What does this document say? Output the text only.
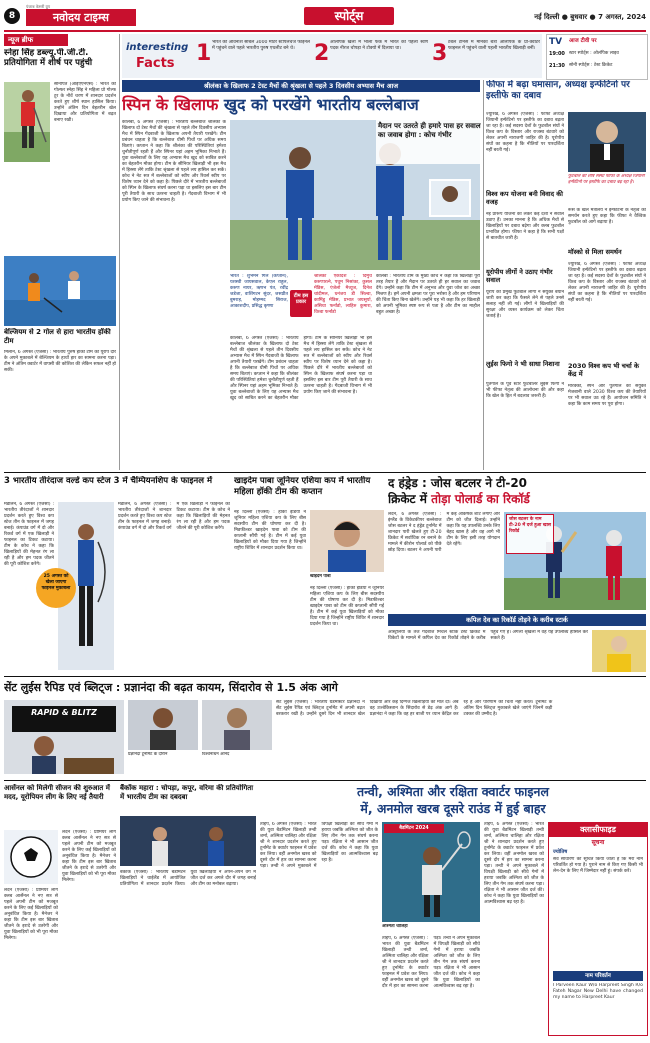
8
पंजाब केसरी ग्रुप
नवोदय टाइम्स	स्पोर्ट्स	नई दिल्ली ● बुधवार ● 7 अगस्त, 2024
न्यूज ब्रीफ
स्नेहा सिंह डब्ल्यू.पी.जी.टी. प्रतियोगिता में शीर्ष पर पहुंची
सोनीपत (आईएएनएस) : भारत की गोल्फर स्नेहा सिंह ने महिला प्रो गोल्फ टूर के नौवें चरण में शानदार प्रदर्शन करते हुए शीर्ष स्थान हासिल किया। उन्होंने अंतिम दिन बेहतरीन खेल दिखाया और प्रतियोगिता में बढ़त बनाए रखी।
बेल्जियम से 2 गोल से हारा भारतीय हॉकी टीम
मिलान, 6 अगस्त (एजेंसी) : भारतीय पुरुष हॉकी टीम को यूरोप दौरे के अपने मुकाबले में बेल्जियम के हाथों हार का सामना करना पड़ा। टीम ने अंतिम क्वार्टर में वापसी की कोशिश की लेकिन सफल नहीं हो सकी।
interesting
Facts 1 भारत की अविनाश साबले 3000 मीटर स्टीपलचेज फाइनल में पहुंचने वाले पहले भारतीय पुरुष एथलीट बने थे। 2 ओलंपिक खेलों में भाला फेंक में भारत को पहला स्वर्ण पदक नीरज चोपड़ा ने टोक्यो में दिलाया था।	3 टेबल टेनिस में मनिका बत्रा ओलंपिक के प्री-क्वार्टर फाइनल में पहुंचने वाली पहली भारतीय खिलाड़ी बनीं।
TV आज टीवी पर
19:00 स्टार स्पोर्ट्स : ओलंपिक लाइव
21:30 सोनी स्पोर्ट्स : टेस्ट क्रिकेट
श्रीलंका के खिलाफ 2 टेस्ट मैचों की श्रृंखला से पहले 3 दिवसीय अभ्यास मैच आज
स्पिन के खिलाफ खुद को परखेंगे भारतीय बल्लेबाज
कोलंबो, 6 अगस्त (एजेंसी) : भारतीय बल्लेबाज श्रीलंका के खिलाफ दो टेस्ट मैचों की श्रृंखला से पहले तीन दिवसीय अभ्यास मैच में स्पिन गेंदबाजी के खिलाफ अपनी तैयारी परखेंगे। टीम प्रबंधन चाहता है कि बल्लेबाज धीमी पिचों पर अधिक समय बिताएं। कप्तान ने कहा कि श्रीलंका की परिस्थितियां हमेशा चुनौतीपूर्ण रहती हैं और स्पिनर यहां अहम भूमिका निभाते हैं। युवा बल्लेबाजों के लिए यह अभ्यास मैच खुद को साबित करने का बेहतरीन मौका होगा। टीम के सीनियर खिलाड़ी भी इस मैच में हिस्सा लेंगे ताकि टेस्ट श्रृंखला से पहले लय हासिल कर सकें। कोच ने नेट सत्र में बल्लेबाजों को स्वीप और रिवर्स स्वीप पर विशेष ध्यान देने को कहा है। पिछले दौरे में भारतीय बल्लेबाजों को स्पिन के खिलाफ संघर्ष करना पड़ा था इसलिए इस बार टीम पूरी तैयारी के साथ उतरना चाहती है। गेंदबाजी विभाग में भी प्रयोग किए जाने की संभावना है।
मैदान पर उतरते ही हमारे पास हर सवाल का जवाब होगा : कोच गंभीर
कोलंबो : भारतीय टीम के मुख्य कोच ने कहा कि खिलाड़ी पूरी तरह तैयार हैं और मैदान पर उतरते ही हर सवाल का जवाब देंगे। उन्होंने कहा कि टीम में अनुभव और युवा जोश का अच्छा मिश्रण है। हमें अपनी क्षमता पर पूरा भरोसा है और हम परिणाम की चिंता किए बिना खेलेंगे। उन्होंने यह भी कहा कि हर खिलाड़ी को अपनी भूमिका स्पष्ट रूप से पता है और टीम का माहौल बहुत अच्छा है।
भारत : शुभमन गिल (कप्तान), यशस्वी जायसवाल, केएल राहुल, करुण नायर, ऋषभ पंत, रवींद्र जडेजा, वाशिंगटन सुंदर, जसप्रीत बुमराह, मोहम्मद सिराज, आकाशदीप, प्रसिद्ध कृष्णा
टीम इस प्रकार
श्रीलंका एकादश : दिमुथ करुणारत्ने, पथुम निसांका, कुसल मेंडिस, एंजेलो मैथ्यूज, दिनेश चांदीमल, धनंजय डी सिल्वा, कामिंडु मेंडिस, प्रभात जयसूर्या, असिथा फर्नांडो, लाहिरु कुमारा, विश्वा फर्नांडो
कोलंबो, 6 अगस्त (एजेंसी) : भारतीय बल्लेबाज श्रीलंका के खिलाफ दो टेस्ट मैचों की श्रृंखला से पहले तीन दिवसीय अभ्यास मैच में स्पिन गेंदबाजी के खिलाफ अपनी तैयारी परखेंगे। टीम प्रबंधन चाहता है कि बल्लेबाज धीमी पिचों पर अधिक समय बिताएं। कप्तान ने कहा कि श्रीलंका की परिस्थितियां हमेशा चुनौतीपूर्ण रहती हैं और स्पिनर यहां अहम भूमिका निभाते हैं। युवा बल्लेबाजों के लिए यह अभ्यास मैच खुद को साबित करने का बेहतरीन मौका होगा। टीम के सीनियर खिलाड़ी भी इस मैच में हिस्सा लेंगे ताकि टेस्ट श्रृंखला से पहले लय हासिल कर सकें। कोच ने नेट सत्र में बल्लेबाजों को स्वीप और रिवर्स स्वीप पर विशेष ध्यान देने को कहा है। पिछले दौरे में भारतीय बल्लेबाजों को स्पिन के खिलाफ संघर्ष करना पड़ा था इसलिए इस बार टीम पूरी तैयारी के साथ उतरना चाहती है। गेंदबाजी विभाग में भी प्रयोग किए जाने की संभावना है।
फीफा में बढ़ा घमासान, अध्यक्ष इन्फेंटिनो पर इस्तीफे का दबाव
ज्यूरिख, 6 अगस्त (एजेंसी) : फीफा अध्यक्ष जियानी इन्फेंटिनो पर इस्तीफे का दबाव बढ़ता जा रहा है। कई सदस्य देशों के फुटबॉल संघों ने विश्व कप के विस्तार और राजस्व बंटवारे को लेकर अपनी नाराजगी जाहिर की है। यूरोपीय संघों का कहना है कि नीतियों पर पारदर्शिता नहीं बरती गई।
फुटबॉल की शीर्ष संस्था फीफा के अध्यक्ष जियानी इन्फेंटिनो पर इस्तीफे का दबाव बढ़ रहा है।
विश्व कप योजना बनी विवाद की वजह
नई प्रारूप योजना को लेकर कई देशों ने सवाल उठाए हैं। उनका मानना है कि अधिक मैचों से खिलाड़ियों पर दबाव बढ़ेगा और क्लब फुटबॉल प्रभावित होगा। फीफा ने कहा है कि सभी पक्षों से बातचीत जारी है।
यूरोपीय लीगों ने उठाए गंभीर सवाल
यूरोप की प्रमुख फुटबॉल लीगों ने संयुक्त बयान जारी कर कहा कि फैसले लेने से पहले उनसे सलाह नहीं ली गई। लीगों ने खिलाड़ियों की सुरक्षा और व्यस्त कार्यक्रम को लेकर चिंता जताई है।
लुईस फिगो ने भी साधा निशाना
पुर्तगाल के पूर्व स्टार फुटबॉलर लुईस फिगो ने भी फीफा नेतृत्व की आलोचना की और कहा कि खेल के हित में बदलाव जरूरी हैं।
रूस के खेल मंत्रालय ने इन्फेंटिनो के नेतृत्व का समर्थन करते हुए कहा कि फीफा ने वैश्विक फुटबॉल को आगे बढ़ाया है।
मॉस्को से मिला समर्थन
ज्यूरिख, 6 अगस्त (एजेंसी) : फीफा अध्यक्ष जियानी इन्फेंटिनो पर इस्तीफे का दबाव बढ़ता जा रहा है। कई सदस्य देशों के फुटबॉल संघों ने विश्व कप के विस्तार और राजस्व बंटवारे को लेकर अपनी नाराजगी जाहिर की है। यूरोपीय संघों का कहना है कि नीतियों पर पारदर्शिता नहीं बरती गई।
2030 विश्व कप भी चर्चा के केंद्र में
मोरक्को, स्पेन और पुर्तगाल की संयुक्त मेजबानी वाले 2030 विश्व कप की तैयारियों पर भी सवाल उठ रहे हैं। आयोजन समिति ने कहा कि काम समय पर पूरा होगा।
3 भारतीय तीरंदाज वर्ल्ड कप स्टेज 3 में चैम्पियनशिप के फाइनल में
मेडेलिन, 6 अगस्त (एजेंसी) : भारतीय तीरंदाजों ने शानदार प्रदर्शन करते हुए विश्व कप स्टेज तीन के फाइनल में जगह बनाई। कंपाउंड वर्ग में दो और रिकर्व वर्ग में एक खिलाड़ी ने फाइनल का टिकट कटाया। टीम के कोच ने कहा कि खिलाड़ियों की मेहनत रंग ला रही है और हम पदक जीतने की पूरी कोशिश करेंगे।
25 अगस्त को खेला जाएगा फाइनल मुकाबला
मेडेलिन, 6 अगस्त (एजेंसी) : भारतीय तीरंदाजों ने शानदार प्रदर्शन करते हुए विश्व कप स्टेज तीन के फाइनल में जगह बनाई। कंपाउंड वर्ग में दो और रिकर्व वर्ग में एक खिलाड़ी ने फाइनल का टिकट कटाया। टीम के कोच ने कहा कि खिलाड़ियों की मेहनत रंग ला रही है और हम पदक जीतने की पूरी कोशिश करेंगे।
खाइदेम पाबा जूनियर एशिया कप में भारतीय महिला हॉकी टीम की कप्तान
नई दिल्ली (एजेंसी) : हॉकी इंडिया ने जूनियर महिला एशिया कप के लिए बीस सदस्यीय टीम की घोषणा कर दी है। मिडफील्डर खाइदेम पाबा को टीम की कप्तानी सौंपी गई है। टीम में कई युवा खिलाड़ियों को मौका दिया गया है जिन्होंने राष्ट्रीय शिविर में शानदार प्रदर्शन किया था।
खाइदेम पाबा
नई दिल्ली (एजेंसी) : हॉकी इंडिया ने जूनियर महिला एशिया कप के लिए बीस सदस्यीय टीम की घोषणा कर दी है। मिडफील्डर खाइदेम पाबा को टीम की कप्तानी सौंपी गई है। टीम में कई युवा खिलाड़ियों को मौका दिया गया है जिन्होंने राष्ट्रीय शिविर में शानदार प्रदर्शन किया था।
द हंड्रेड : जोस बटलर ने टी-20
क्रिकेट में तोड़ा पोलार्ड का रिकॉर्ड
लंदन, 6 अगस्त (एजेंसी) : इंग्लैंड के विकेटकीपर बल्लेबाज जोस बटलर ने द हंड्रेड टूर्नामेंट में शानदार पारी खेलते हुए टी-20 क्रिकेट में सर्वाधिक रन बनाने के मामले में कीरोन पोलार्ड को पीछे छोड़ दिया। बटलर ने अपनी पारी में कई आकर्षक शॉट लगाए और टीम को जीत दिलाई। उन्होंने कहा कि यह उपलब्धि उनके लिए बेहद खास है और वह आगे भी टीम के लिए इसी तरह योगदान देते रहेंगे।
जोस बटलर के नाम टी-20 में दर्ज हुआ खास रिकॉर्ड
कपिल देव का रिकॉर्ड तोड़ने के करीब स्टार्क
ऑस्ट्रेलिया के तेज गेंदबाज मिचेल स्टार्क टेस्ट क्रिकेट में विकेटों के मामले में कपिल देव का रिकॉर्ड तोड़ने के करीब पहुंच गए हैं। अगली श्रृंखला में वह यह उपलब्धि हासिल कर सकते हैं।
सेंट लुईस रैपिड एवं ब्लिट्ज : प्रज्ञानंदा की बढ़त कायम, सिंदारोव से 1.5 अंक आगे
RAPID & BLITZ
प्रज्ञानंदा टूर्नामेंट के दौरान	विश्वनाथन आनंद
सेंट लुईस (एजेंसी) : भारतीय ग्रैंडमास्टर प्रज्ञानंदा ने सेंट लुईस रैपिड एवं ब्लिट्ज टूर्नामेंट में अपनी बढ़त बरकरार रखी है। उन्होंने दूसरे दिन भी शानदार खेल दिखाया और कई दिग्गज खिलाड़ियों को मात दी। अब वह उज्बेकिस्तान के सिंदारोव से डेढ़ अंक आगे हैं। प्रज्ञानंदा ने कहा कि वह हर बाजी पर ध्यान केंद्रित कर रहे हैं और परिणाम की चिंता नहीं करते। टूर्नामेंट के अंतिम दिन ब्लिट्ज मुकाबले खेले जाएंगे जिनमें कड़ी टक्कर की उम्मीद है।
आर्सेनल को मिलेगी सीजन की शुरुआत में मदद, यूरोपियन लीग के लिए नई तैयारी
लंदन (एजेंसी) : प्रीमियर लीग क्लब आर्सेनल ने नए सत्र से पहले अपनी टीम को मजबूत करने के लिए कई खिलाड़ियों को अनुबंधित किया है। मैनेजर ने कहा कि टीम इस बार खिताब जीतने के इरादे से उतरेगी और युवा खिलाड़ियों को भी पूरा मौका मिलेगा।
लंदन (एजेंसी) : प्रीमियर लीग क्लब आर्सेनल ने नए सत्र से पहले अपनी टीम को मजबूत करने के लिए कई खिलाड़ियों को अनुबंधित किया है। मैनेजर ने कहा कि टीम इस बार खिताब जीतने के इरादे से उतरेगी और युवा खिलाड़ियों को भी पूरा मौका मिलेगा।
बैंकॉक महारा : चोपड़ा, कपूर, वरिमा की प्रतियोगिता में भारतीय टीम का दबदबा
बैंकॉक (एजेंसी) : भारतीय बैडमिंटन खिलाड़ियों ने थाईलैंड में आयोजित प्रतियोगिता में शानदार प्रदर्शन किया। युवा खिलाड़ियों ने अपने-अपने वर्ग में जीत दर्ज कर अगले दौर में जगह बनाई और टीम का मनोबल बढ़ाया।
तन्वी, अश्मिता और रक्षिता क्वार्टर फाइनल
में, अनमोल खरब दूसरे राउंड में हुई बाहर
ताइपे, 6 अगस्त (एजेंसी) : भारत की युवा बैडमिंटन खिलाड़ी तन्वी शर्मा, अश्मिता चालिहा और रक्षिता श्री ने शानदार प्रदर्शन करते हुए टूर्नामेंट के क्वार्टर फाइनल में प्रवेश कर लिया। वहीं अनमोल खरब को दूसरे दौर में हार का सामना करना पड़ा। तन्वी ने अपने मुकाबले में विपक्षी खिलाड़ी को सीधे गेमों में हराया जबकि अश्मिता को जीत के लिए तीन गेम तक संघर्ष करना पड़ा। रक्षिता ने भी आसान जीत दर्ज की। कोच ने कहा कि युवा खिलाड़ियों का आत्मविश्वास बढ़ रहा है।
बैडमिंटन 2024
अश्मिता चालिहा
ताइपे, 6 अगस्त (एजेंसी) : भारत की युवा बैडमिंटन खिलाड़ी तन्वी शर्मा, अश्मिता चालिहा और रक्षिता श्री ने शानदार प्रदर्शन करते हुए टूर्नामेंट के क्वार्टर फाइनल में प्रवेश कर लिया। वहीं अनमोल खरब को दूसरे दौर में हार का सामना करना पड़ा। तन्वी ने अपने मुकाबले में विपक्षी खिलाड़ी को सीधे गेमों में हराया जबकि अश्मिता को जीत के लिए तीन गेम तक संघर्ष करना पड़ा। रक्षिता ने भी आसान जीत दर्ज की। कोच ने कहा कि युवा खिलाड़ियों का आत्मविश्वास बढ़ रहा है।
ताइपे, 6 अगस्त (एजेंसी) : भारत की युवा बैडमिंटन खिलाड़ी तन्वी शर्मा, अश्मिता चालिहा और रक्षिता श्री ने शानदार प्रदर्शन करते हुए टूर्नामेंट के क्वार्टर फाइनल में प्रवेश कर लिया। वहीं अनमोल खरब को दूसरे दौर में हार का सामना करना पड़ा। तन्वी ने अपने मुकाबले में विपक्षी खिलाड़ी को सीधे गेमों में हराया जबकि अश्मिता को जीत के लिए तीन गेम तक संघर्ष करना पड़ा। रक्षिता ने भी आसान जीत दर्ज की। कोच ने कहा कि युवा खिलाड़ियों का आत्मविश्वास बढ़ रहा है।
क्लासीफाइड
सूचना
ज्योतिष
सर्व साधारण को सूचित किया जाता है कि मेरा नाम परिवर्तित हो गया है। पुराने नाम से किए गए किसी भी लेन-देन के लिए मैं जिम्मेदार नहीं हूं। संपर्क करें।
नाम परिवर्तन
I Parveen Kaur W/o Harpreet Singh R/o Fateh Nagar New Delhi have changed my name to Harpreet Kaur
